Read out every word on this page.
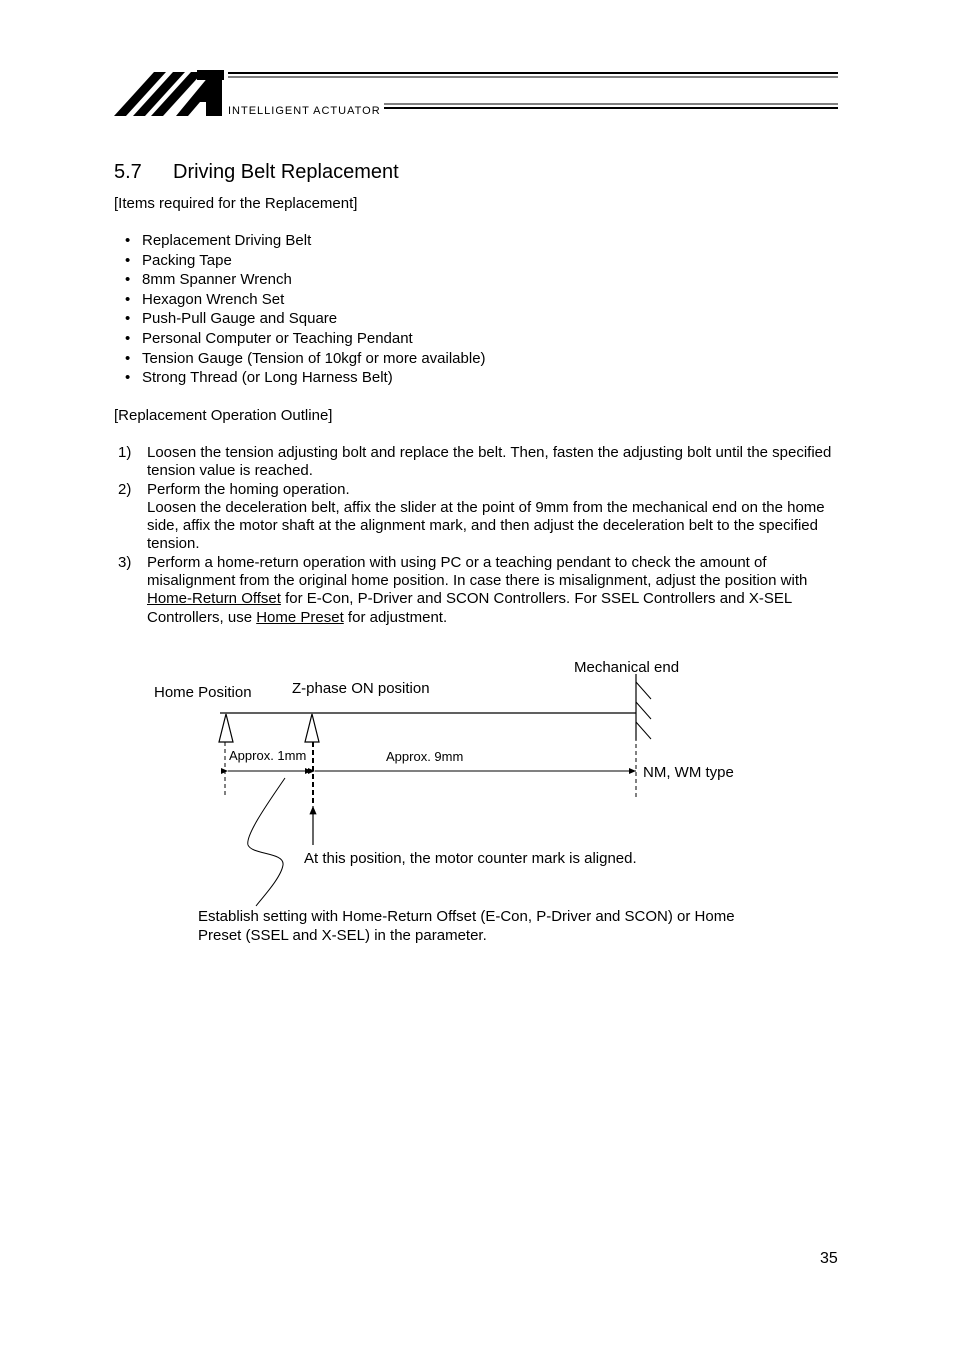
INTELLIGENT ACTUATOR
5.7 Driving Belt Replacement
[Items required for the Replacement]
• Replacement Driving Belt
• Packing Tape
• 8mm Spanner Wrench
• Hexagon Wrench Set
• Push-Pull Gauge and Square
• Personal Computer or Teaching Pendant
• Tension Gauge (Tension of 10kgf or more available)
• Strong Thread (or Long Harness Belt)
[Replacement Operation Outline]
1) Loosen the tension adjusting bolt and replace the belt. Then, fasten the adjusting bolt until the specified tension value is reached.

2) Perform the homing operation.

Loosen the deceleration belt, affix the slider at the point of 9mm from the mechanical end on the home side, affix the motor shaft at the alignment mark, and then adjust the deceleration belt to the specified tension.

3) Perform a home-return operation with using PC or a teaching pendant to check the amount of misalignment from the original home position. In case there is misalignment, adjust the position with Home-Return Offset for E-Con, P-Driver and SCON Controllers. For SSEL Controllers and X-SEL Controllers, use Home Preset for adjustment.

Mechanical end
Home Position	Z-phase ON position
Approx. 1mm	Approx. 9mm
NM, WM type
At this position, the motor counter mark is aligned.
Establish setting with Home-Return Offset (E-Con, P-Driver and SCON) or Home
Preset (SSEL and X-SEL) in the parameter.
35
